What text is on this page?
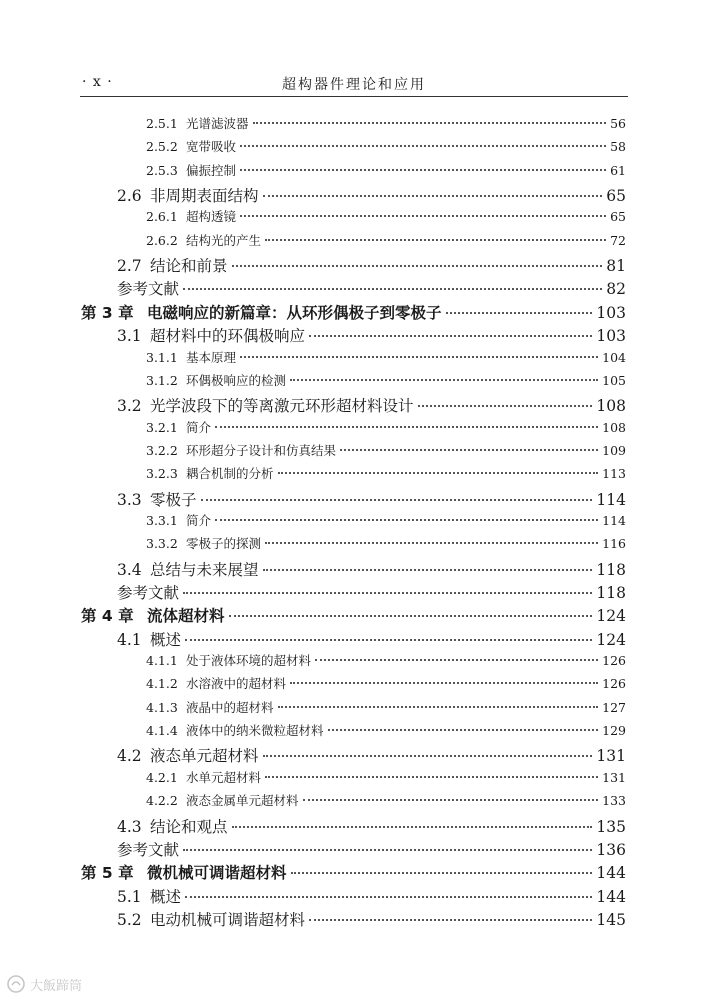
· x ·	超构器件理论和应用
2.5.1 光谱滤波器	56
2.5.2 宽带吸收	58
2.5.3 偏振控制	61
2.6 非周期表面结构	65
2.6.1 超构透镜	65
2.6.2 结构光的产生	72
2.7 结论和前景	81
参考文献	82
第 3 章 电磁响应的新篇章：从环形偶极子到零极子	103
3.1 超材料中的环偶极响应	103
3.1.1 基本原理	104
3.1.2 环偶极响应的检测	105
3.2 光学波段下的等离激元环形超材料设计	108
3.2.1 简介	108
3.2.2 环形超分子设计和仿真结果	109
3.2.3 耦合机制的分析	113
3.3 零极子	114
3.3.1 简介	114
3.3.2 零极子的探测	116
3.4 总结与未来展望	118
参考文献	118
第 4 章 流体超材料	124
4.1 概述	124
4.1.1 处于液体环境的超材料	126
4.1.2 水溶液中的超材料	126
4.1.3 液晶中的超材料	127
4.1.4 液体中的纳米微粒超材料	129
4.2 液态单元超材料	131
4.2.1 水单元超材料	131
4.2.2 液态金属单元超材料	133
4.3 结论和观点	135
参考文献	136
第 5 章 微机械可调谐超材料	144
5.1 概述	144
5.2 电动机械可调谐超材料	145
大飯蹄筒
